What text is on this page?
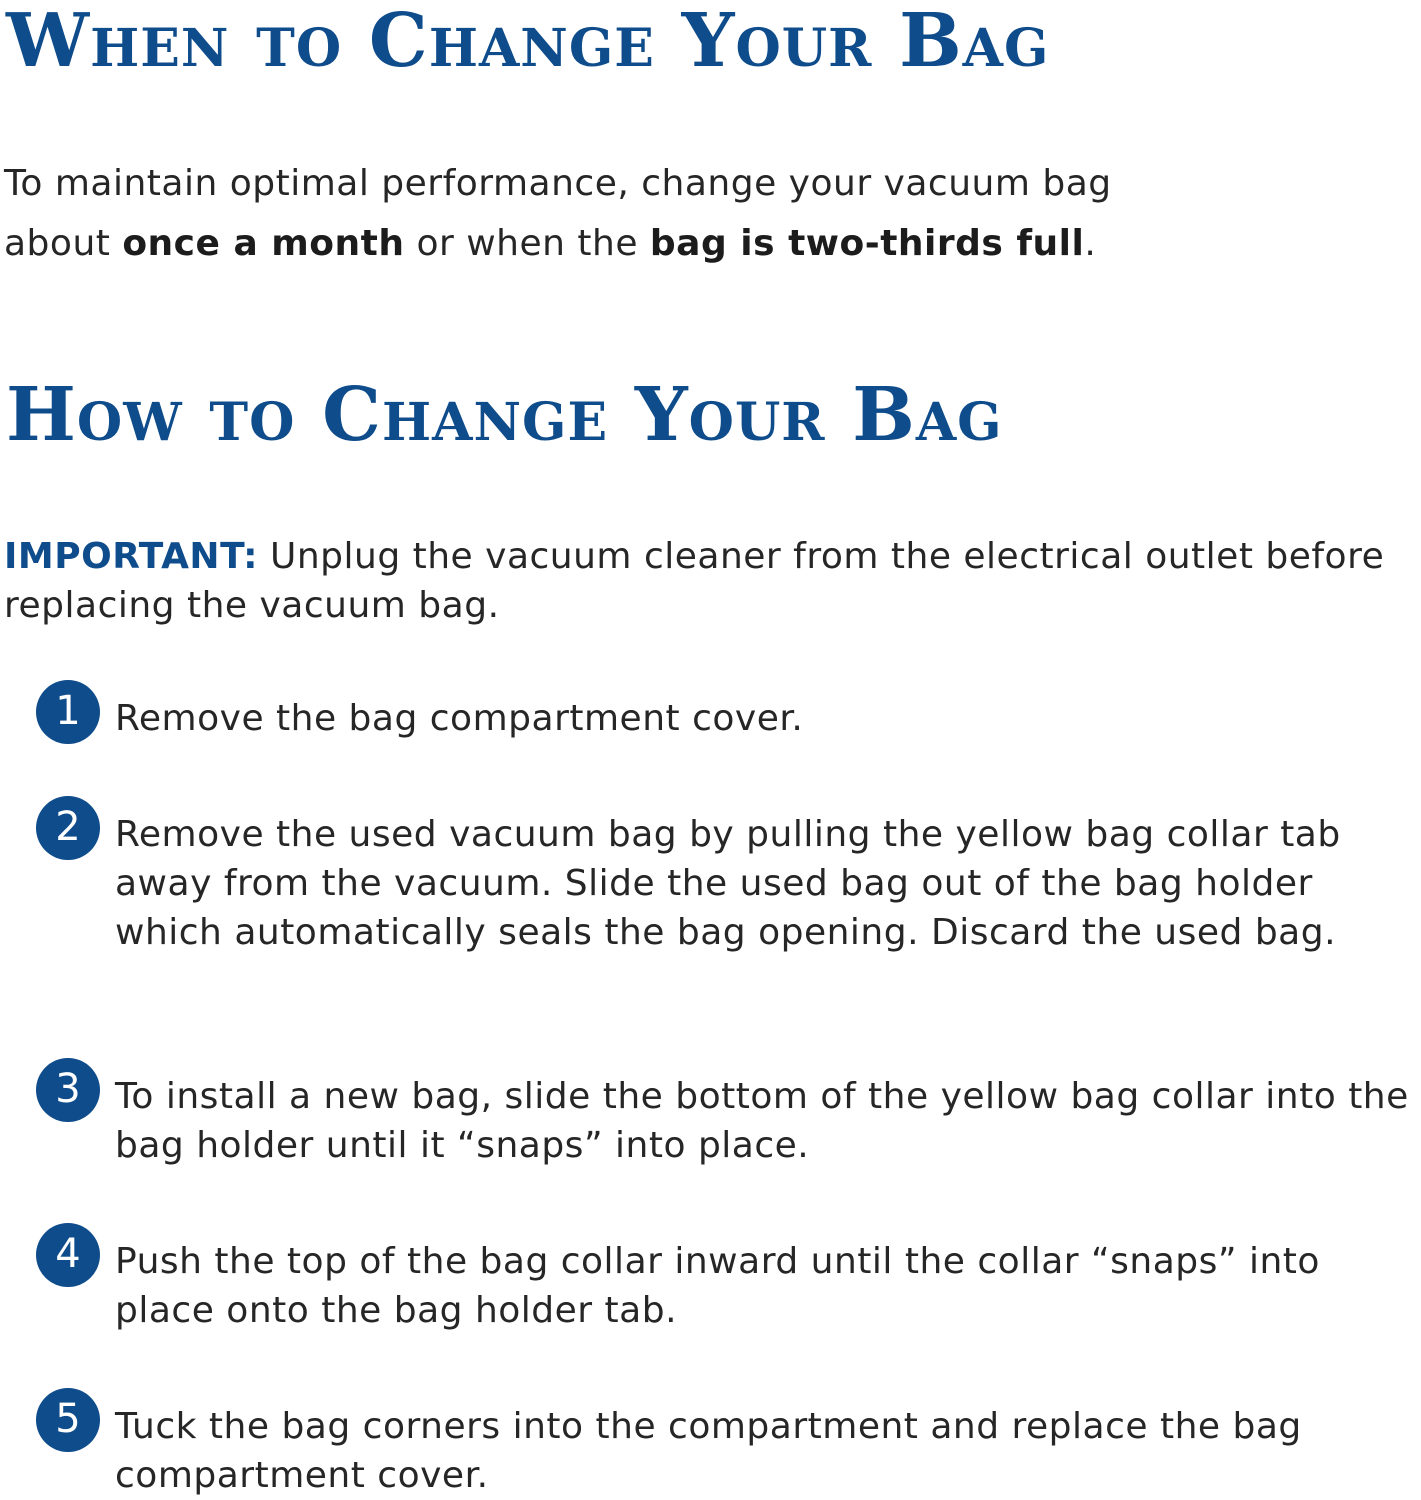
When to Change Your Bag

To maintain optimal performance, change your vacuum bag
about once a month or when the bag is two-thirds full.

How to Change Your Bag

IMPORTANT: Unplug the vacuum cleaner from the electrical outlet before replacing the vacuum bag.

1 Remove the bag compartment cover.

2 Remove the used vacuum bag by pulling the yellow bag collar tab away from the vacuum. Slide the used bag out of the bag holder which automatically seals the bag opening. Discard the used bag.

3 To install a new bag, slide the bottom of the yellow bag collar into the bag holder until it “snaps” into place.

4 Push the top of the bag collar inward until the collar “snaps” into place onto the bag holder tab.

5 Tuck the bag corners into the compartment and replace the bag compartment cover.
